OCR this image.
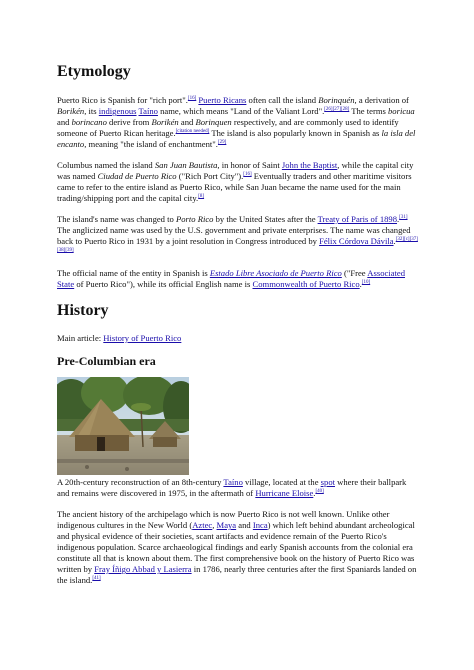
Etymology

Puerto Rico is Spanish for "rich port".[16] Puerto Ricans often call the island Borinquén, a derivation of Borikén, its indigenous Taíno name, which means "Land of the Valiant Lord".[26][27][28] The terms boricua and borincano derive from Borikén and Borinquen respectively, and are commonly used to identify someone of Puerto Rican heritage.[citation needed] The island is also popularly known in Spanish as la isla del encanto, meaning "the island of enchantment".[29]

Columbus named the island San Juan Bautista, in honor of Saint John the Baptist, while the capital city was named Ciudad de Puerto Rico ("Rich Port City").[16] Eventually traders and other maritime visitors came to refer to the entire island as Puerto Rico, while San Juan became the name used for the main trading/shipping port and the capital city.[8]

The island's name was changed to Porto Rico by the United States after the Treaty of Paris of 1898.[31] The anglicized name was used by the U.S. government and private enterprises. The name was changed back to Puerto Rico in 1931 by a joint resolution in Congress introduced by Félix Córdova Dávila.[32][c][37][38][39]

The official name of the entity in Spanish is Estado Libre Asociado de Puerto Rico ("Free Associated State of Puerto Rico"), while its official English name is Commonwealth of Puerto Rico.[10]

History

Main article: History of Puerto Rico

Pre-Columbian era

A 20th-century reconstruction of an 8th-century Taíno village, located at the spot where their ballpark and remains were discovered in 1975, in the aftermath of Hurricane Eloise.[40]

The ancient history of the archipelago which is now Puerto Rico is not well known. Unlike other indigenous cultures in the New World (Aztec, Maya and Inca) which left behind abundant archeological and physical evidence of their societies, scant artifacts and evidence remain of the Puerto Rico's indigenous population. Scarce archaeological findings and early Spanish accounts from the colonial era constitute all that is known about them. The first comprehensive book on the history of Puerto Rico was written by Fray Íñigo Abbad y Lasierra in 1786, nearly three centuries after the first Spaniards landed on the island.[41]
